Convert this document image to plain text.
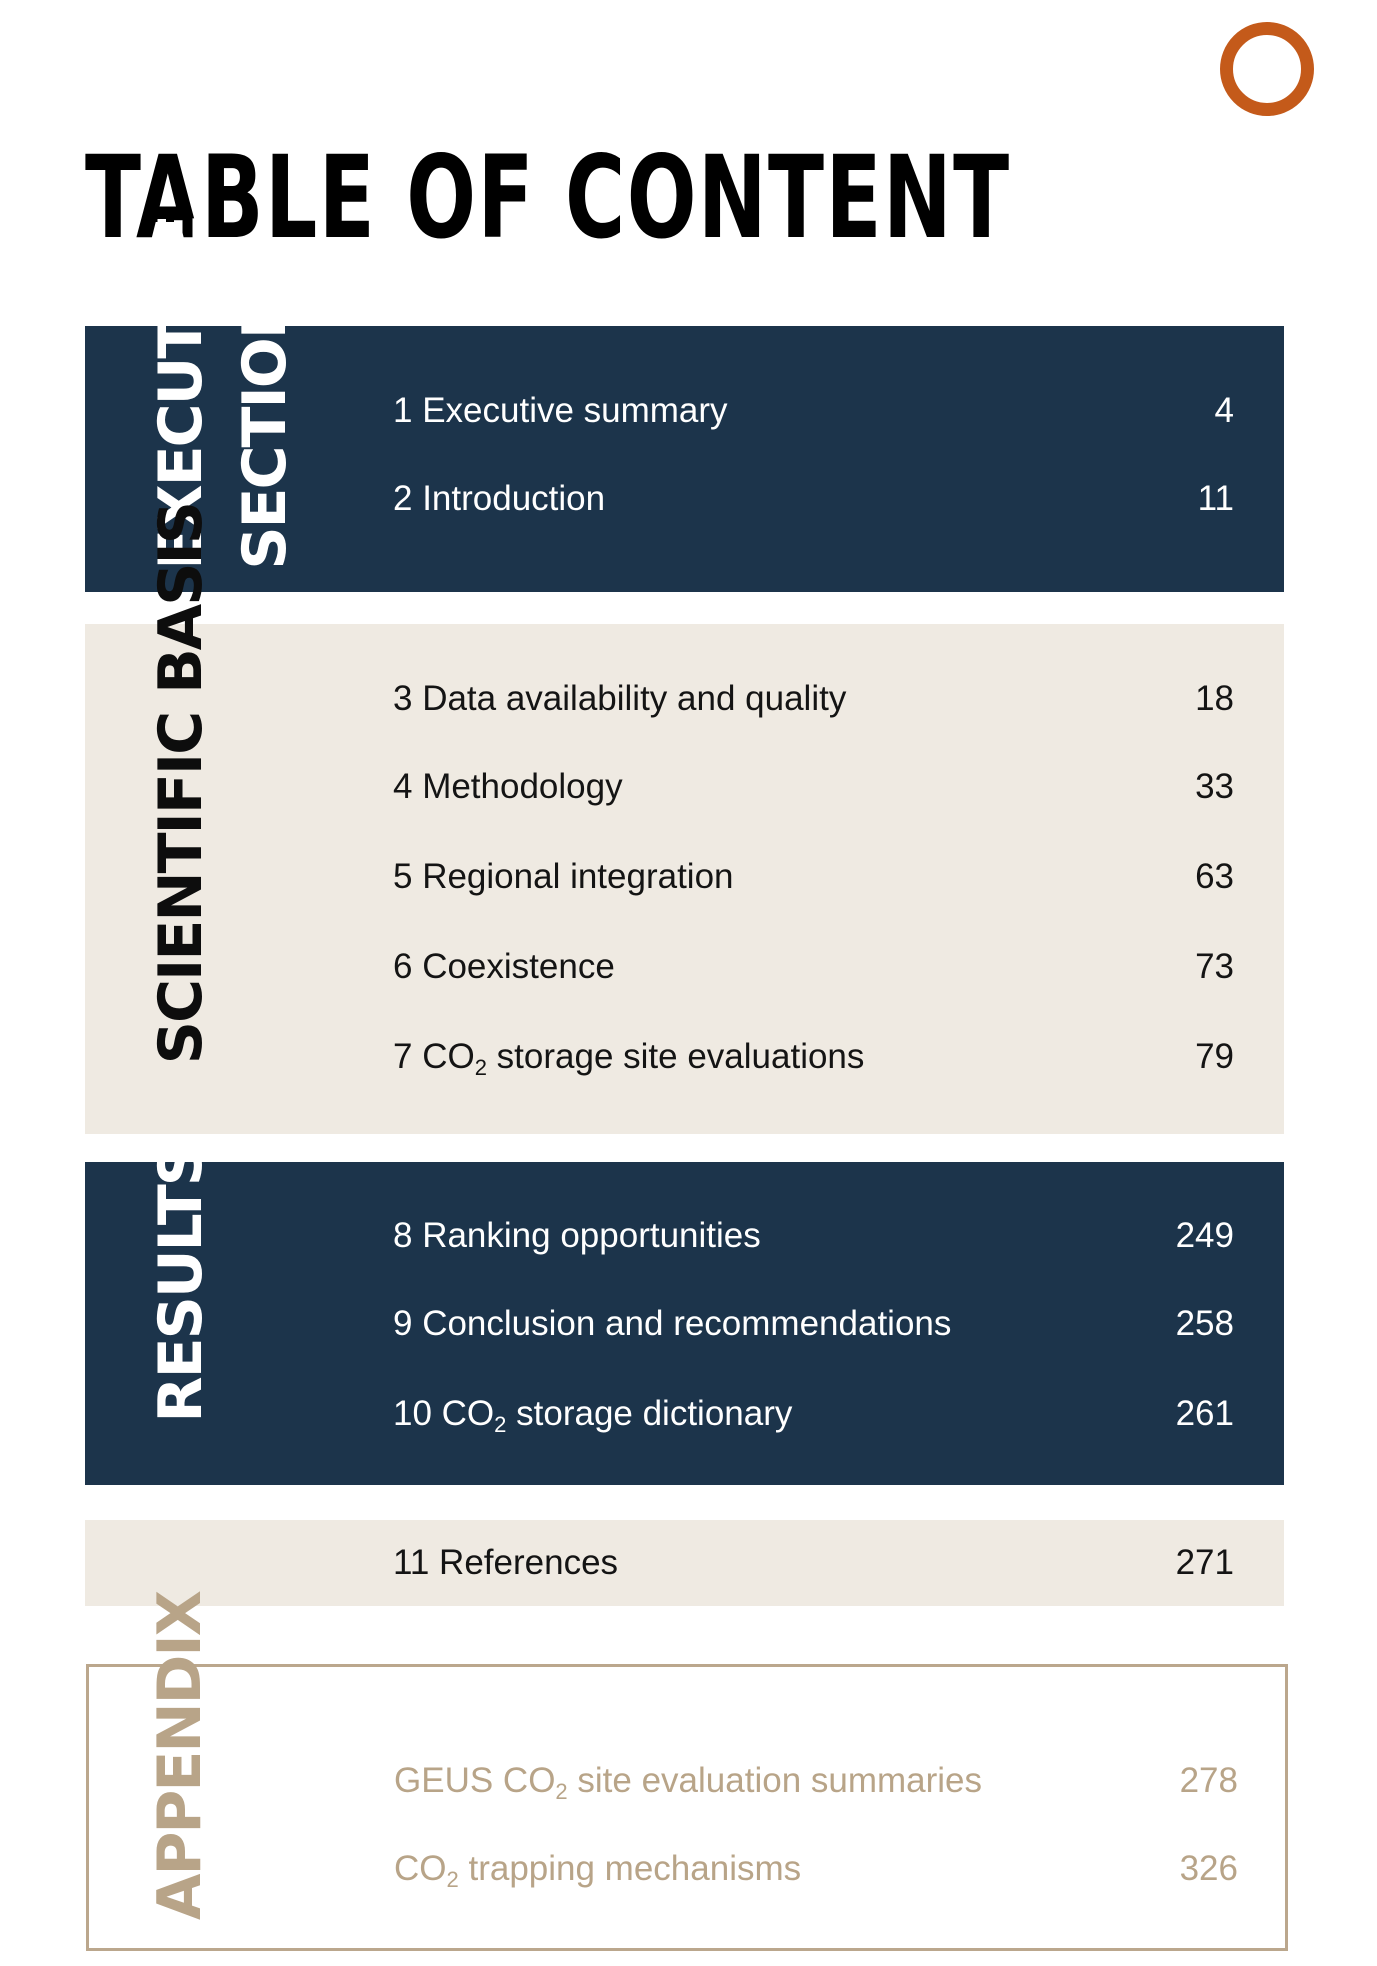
TABLE OF CONTENT
EXECUTIVE SECTION	1 Executive summary	4
2 Introduction	11
SCIENTIFIC BASIS	3 Data availability and quality	18
4 Methodology	33
5 Regional integration	63
6 Coexistence	73
7 $CO_2$ storage site evaluations	79
RESULTS	8 Ranking opportunities	249
9 Conclusion and recommendations	258
10 $CO_2$ storage dictionary	261
11 References	271
APPENDIX	GEUS $CO_2$ site evaluation summaries	278
$CO_2$ trapping mechanisms	326
